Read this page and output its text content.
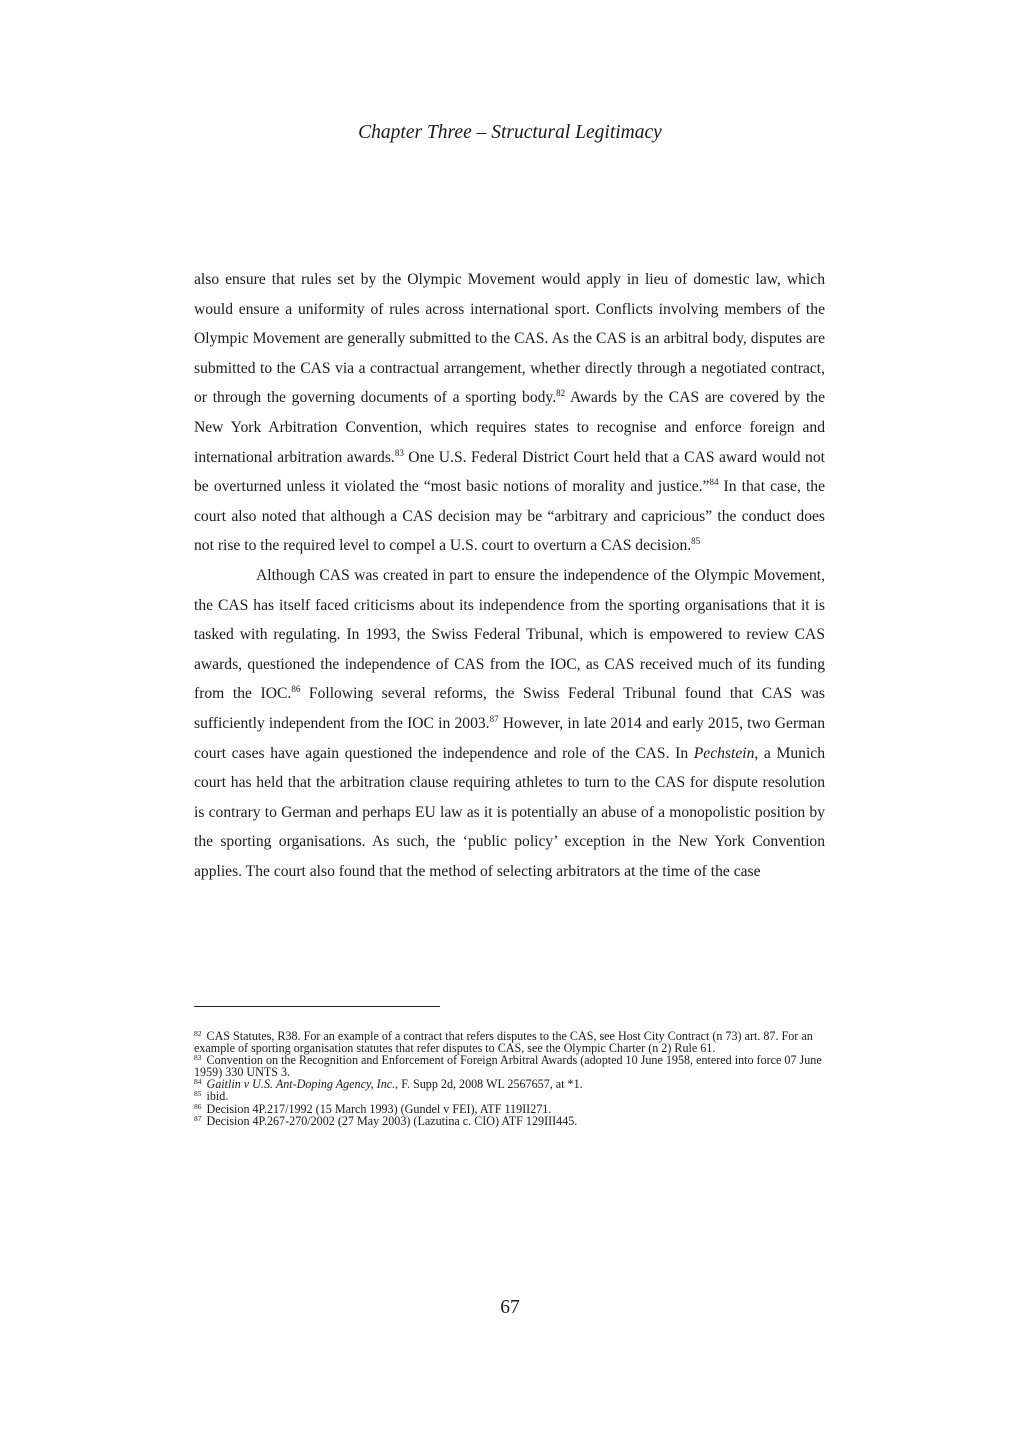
Chapter Three – Structural Legitimacy

also ensure that rules set by the Olympic Movement would apply in lieu of domestic law, which would ensure a uniformity of rules across international sport. Conflicts involving members of the Olympic Movement are generally submitted to the CAS. As the CAS is an arbitral body, disputes are submitted to the CAS via a contractual arrangement, whether directly through a negotiated contract, or through the governing documents of a sporting body.$^{82}$ Awards by the CAS are covered by the New York Arbitration Convention, which requires states to recognise and enforce foreign and international arbitration awards.$^{83}$ One U.S. Federal District Court held that a CAS award would not be overturned unless it violated the “most basic notions of morality and justice.”$^{84}$ In that case, the court also noted that although a CAS decision may be “arbitrary and capricious” the conduct does not rise to the required level to compel a U.S. court to overturn a CAS decision.$^{85}$

Although CAS was created in part to ensure the independence of the Olympic Movement, the CAS has itself faced criticisms about its independence from the sporting organisations that it is tasked with regulating. In 1993, the Swiss Federal Tribunal, which is empowered to review CAS awards, questioned the independence of CAS from the IOC, as CAS received much of its funding from the IOC.$^{86}$ Following several reforms, the Swiss Federal Tribunal found that CAS was sufficiently independent from the IOC in 2003.87 However, in late 2014 and early 2015, two German court cases have again questioned the independence and role of the CAS. In Pechstein, a Munich court has held that the arbitration clause requiring athletes to turn to the CAS for dispute resolution is contrary to German and perhaps EU law as it is potentially an abuse of a monopolistic position by the sporting organisations. As such, the ‘public policy’ exception in the New York Convention applies. The court also found that the method of selecting arbitrators at the time of the case

$^{82}$ CAS Statutes, R38. For an example of a contract that refers disputes to the CAS, see Host City Contract (n 73) art. 87. For an example of sporting organisation statutes that refer disputes to CAS, see the Olympic Charter (n 2) Rule 61.

$^{83}$ Convention on the Recognition and Enforcement of Foreign Arbitral Awards (adopted 10 June 1958, entered into force 07 June 1959) 330 UNTS 3.

$^{84}$ Gaitlin v U.S. Ant-Doping Agency, Inc., F. Supp 2d, 2008 WL 2567657, at *1.

$^{85}$ ibid.

$^{86}$ Decision 4P.217/1992 (15 March 1993) (Gundel v FEI), ATF 119II271.

$^{87}$ Decision 4P.267-270/2002 (27 May 2003) (Lazutina c. CIO) ATF 129III445.

67
